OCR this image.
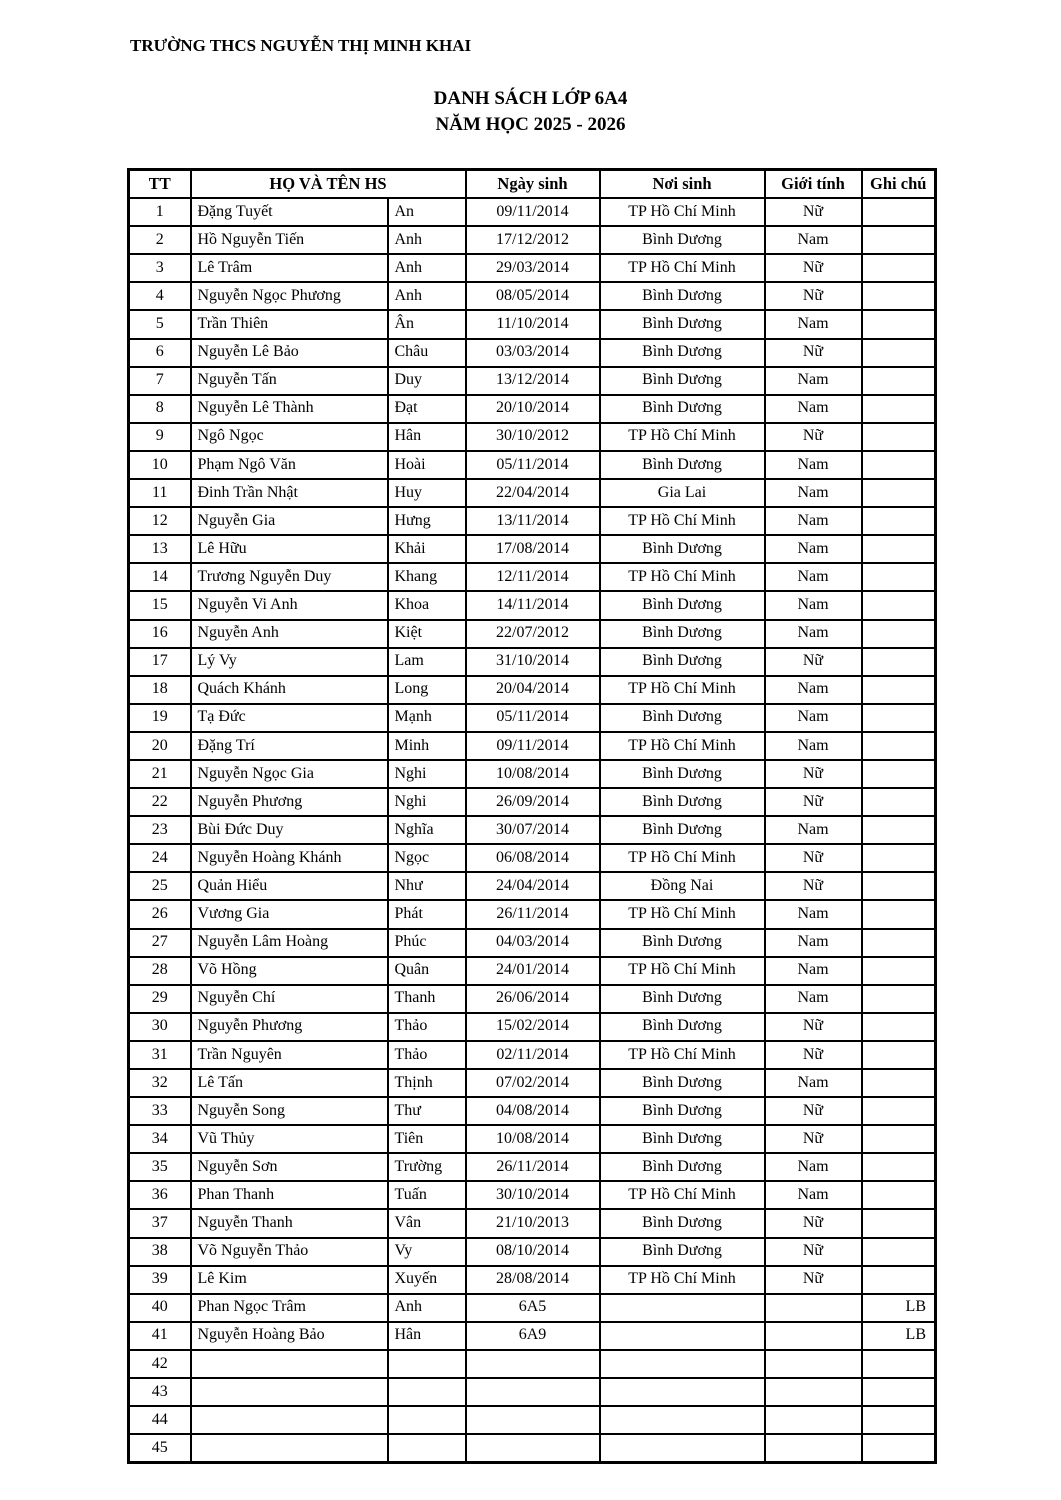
TRƯỜNG THCS NGUYỄN THỊ MINH KHAI
DANH SÁCH LỚP 6A4
NĂM HỌC 2025 - 2026
TT	HỌ VÀ TÊN HS		Ngày sinh	Nơi sinh	Giới tính	Ghi chú
1	Đặng Tuyết	An	09/11/2014	TP Hồ Chí Minh	Nữ	
2	Hồ Nguyễn Tiến	Anh	17/12/2012	Bình Dương	Nam	
3	Lê Trâm	Anh	29/03/2014	TP Hồ Chí Minh	Nữ	
4	Nguyễn Ngọc Phương	Anh	08/05/2014	Bình Dương	Nữ	
5	Trần Thiên	Ân	11/10/2014	Bình Dương	Nam	
6	Nguyễn Lê Bảo	Châu	03/03/2014	Bình Dương	Nữ	
7	Nguyễn Tấn	Duy	13/12/2014	Bình Dương	Nam	
8	Nguyễn Lê Thành	Đạt	20/10/2014	Bình Dương	Nam	
9	Ngô Ngọc	Hân	30/10/2012	TP Hồ Chí Minh	Nữ	
10	Phạm Ngô Văn	Hoài	05/11/2014	Bình Dương	Nam	
11	Đinh Trần Nhật	Huy	22/04/2014	Gia Lai	Nam	
12	Nguyễn Gia	Hưng	13/11/2014	TP Hồ Chí Minh	Nam	
13	Lê Hữu	Khải	17/08/2014	Bình Dương	Nam	
14	Trương Nguyễn Duy	Khang	12/11/2014	TP Hồ Chí Minh	Nam	
15	Nguyễn Vi Anh	Khoa	14/11/2014	Bình Dương	Nam	
16	Nguyễn Anh	Kiệt	22/07/2012	Bình Dương	Nam	
17	Lý Vy	Lam	31/10/2014	Bình Dương	Nữ	
18	Quách Khánh	Long	20/04/2014	TP Hồ Chí Minh	Nam	
19	Tạ Đức	Mạnh	05/11/2014	Bình Dương	Nam	
20	Đặng Trí	Minh	09/11/2014	TP Hồ Chí Minh	Nam	
21	Nguyễn Ngọc Gia	Nghi	10/08/2014	Bình Dương	Nữ	
22	Nguyễn Phương	Nghi	26/09/2014	Bình Dương	Nữ	
23	Bùi Đức Duy	Nghĩa	30/07/2014	Bình Dương	Nam	
24	Nguyễn Hoàng Khánh	Ngọc	06/08/2014	TP Hồ Chí Minh	Nữ	
25	Quản Hiểu	Như	24/04/2014	Đồng Nai	Nữ	
26	Vương Gia	Phát	26/11/2014	TP Hồ Chí Minh	Nam	
27	Nguyễn Lâm Hoàng	Phúc	04/03/2014	Bình Dương	Nam	
28	Võ Hồng	Quân	24/01/2014	TP Hồ Chí Minh	Nam	
29	Nguyễn Chí	Thanh	26/06/2014	Bình Dương	Nam	
30	Nguyễn Phương	Thảo	15/02/2014	Bình Dương	Nữ	
31	Trần Nguyên	Thảo	02/11/2014	TP Hồ Chí Minh	Nữ	
32	Lê Tấn	Thịnh	07/02/2014	Bình Dương	Nam	
33	Nguyễn Song	Thư	04/08/2014	Bình Dương	Nữ	
34	Vũ Thủy	Tiên	10/08/2014	Bình Dương	Nữ	
35	Nguyễn Sơn	Trường	26/11/2014	Bình Dương	Nam	
36	Phan Thanh	Tuấn	30/10/2014	TP Hồ Chí Minh	Nam	
37	Nguyễn Thanh	Vân	21/10/2013	Bình Dương	Nữ	
38	Võ Nguyễn Thảo	Vy	08/10/2014	Bình Dương	Nữ	
39	Lê Kim	Xuyến	28/08/2014	TP Hồ Chí Minh	Nữ	
40	Phan Ngọc Trâm	Anh	6A5			LB
41	Nguyễn Hoàng Bảo	Hân	6A9			LB
42						
43						
44						
45						
